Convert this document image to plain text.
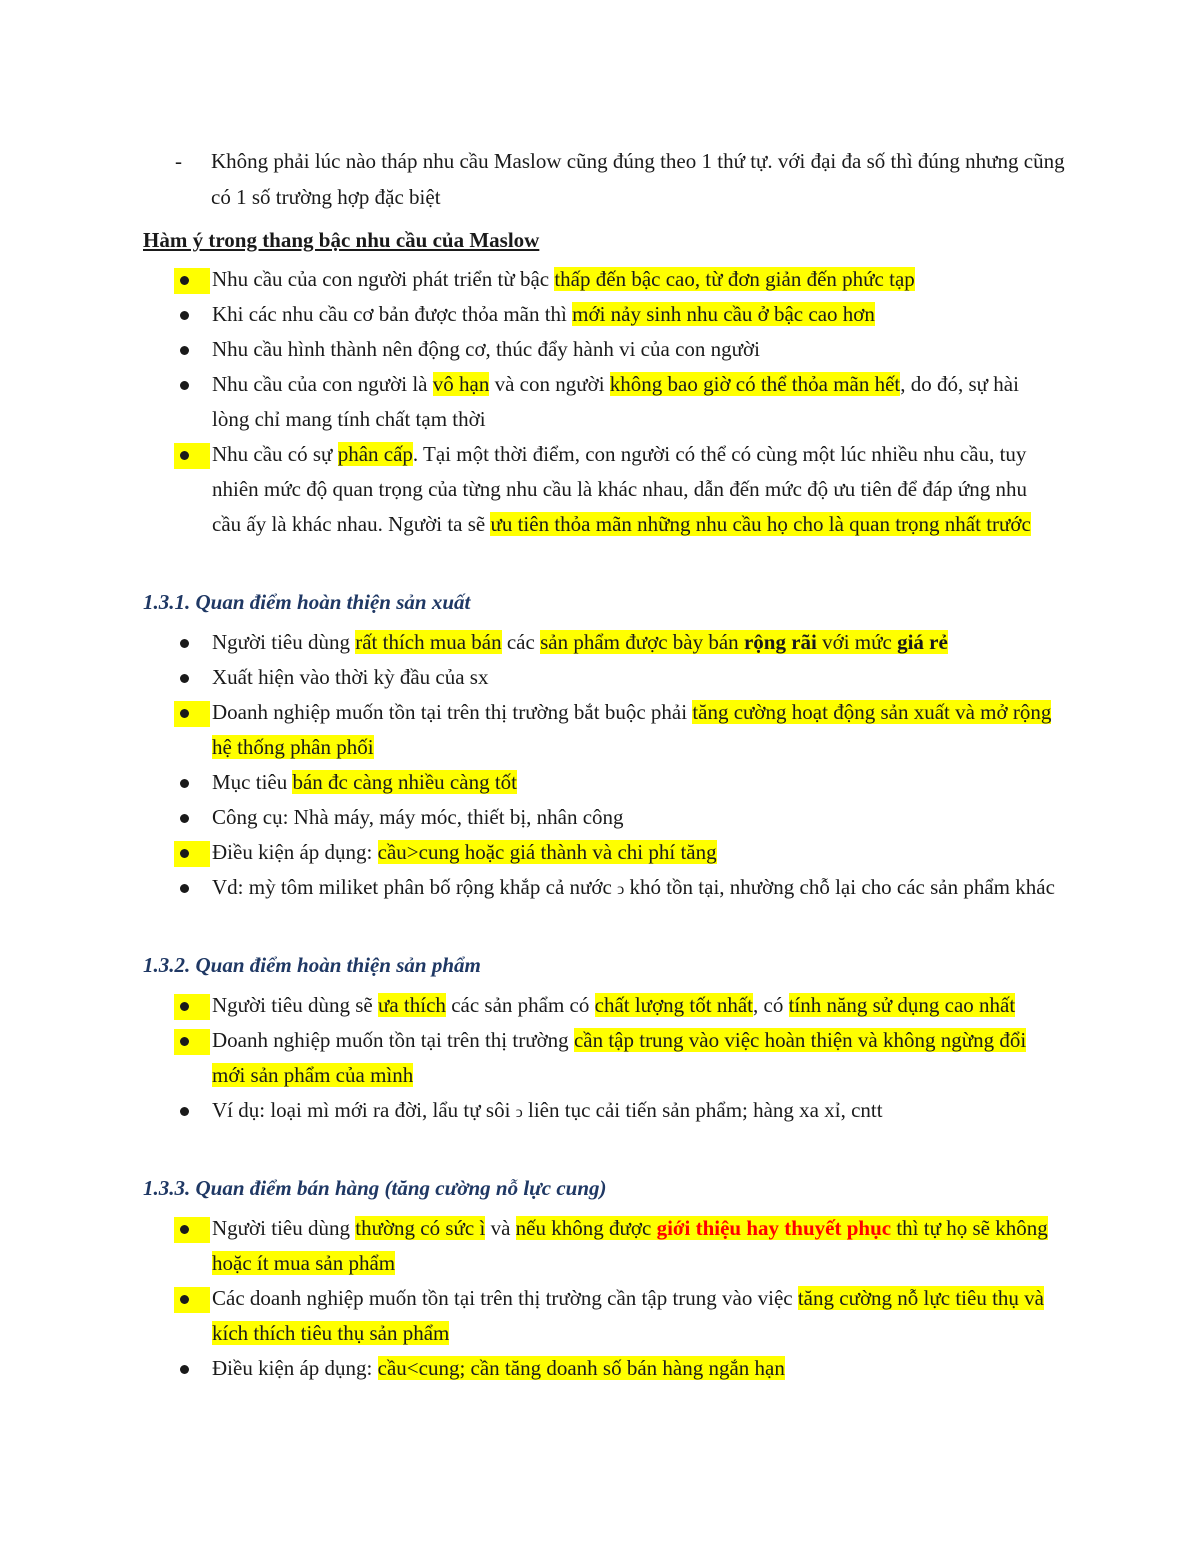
- Không phải lúc nào tháp nhu cầu Maslow cũng đúng theo 1 thứ tự. với đại đa số thì đúng nhưng cũng có 1 số trường hợp đặc biệt
Hàm ý trong thang bậc nhu cầu của Maslow
Nhu cầu của con người phát triển từ bậc thấp đến bậc cao, từ đơn giản đến phức tạp
Khi các nhu cầu cơ bản được thỏa mãn thì mới nảy sinh nhu cầu ở bậc cao hơn
Nhu cầu hình thành nên động cơ, thúc đẩy hành vi của con người
Nhu cầu của con người là vô hạn và con người không bao giờ có thể thỏa mãn hết, do đó, sự hài lòng chỉ mang tính chất tạm thời
Nhu cầu có sự phân cấp. Tại một thời điểm, con người có thể có cùng một lúc nhiều nhu cầu, tuy nhiên mức độ quan trọng của từng nhu cầu là khác nhau, dẫn đến mức độ ưu tiên để đáp ứng nhu cầu ấy là khác nhau. Người ta sẽ ưu tiên thỏa mãn những nhu cầu họ cho là quan trọng nhất trước
1.3.1. Quan điểm hoàn thiện sản xuất
Người tiêu dùng rất thích mua bán các sản phẩm được bày bán rộng rãi với mức giá rẻ
Xuất hiện vào thời kỳ đầu của sx
Doanh nghiệp muốn tồn tại trên thị trường bắt buộc phải tăng cường hoạt động sản xuất và mở rộng hệ thống phân phối
Mục tiêu bán đc càng nhiều càng tốt
Công cụ: Nhà máy, máy móc, thiết bị, nhân công
Điều kiện áp dụng: cầu>cung hoặc giá thành và chi phí tăng
Vd: mỳ tôm miliket phân bố rộng khắp cả nước ↄ khó tồn tại, nhường chỗ lại cho các sản phẩm khác
1.3.2. Quan điểm hoàn thiện sản phẩm
Người tiêu dùng sẽ ưa thích các sản phẩm có chất lượng tốt nhất, có tính năng sử dụng cao nhất
Doanh nghiệp muốn tồn tại trên thị trường cần tập trung vào việc hoàn thiện và không ngừng đổi mới sản phẩm của mình
Ví dụ: loại mì mới ra đời, lẩu tự sôi ↄ liên tục cải tiến sản phẩm; hàng xa xỉ, cntt
1.3.3. Quan điểm bán hàng (tăng cường nỗ lực cung)
Người tiêu dùng thường có sức ì và nếu không được giới thiệu hay thuyết phục thì tự họ sẽ không hoặc ít mua sản phẩm
Các doanh nghiệp muốn tồn tại trên thị trường cần tập trung vào việc tăng cường nỗ lực tiêu thụ và kích thích tiêu thụ sản phẩm
Điều kiện áp dụng: cầu<cung; cần tăng doanh số bán hàng ngắn hạn
